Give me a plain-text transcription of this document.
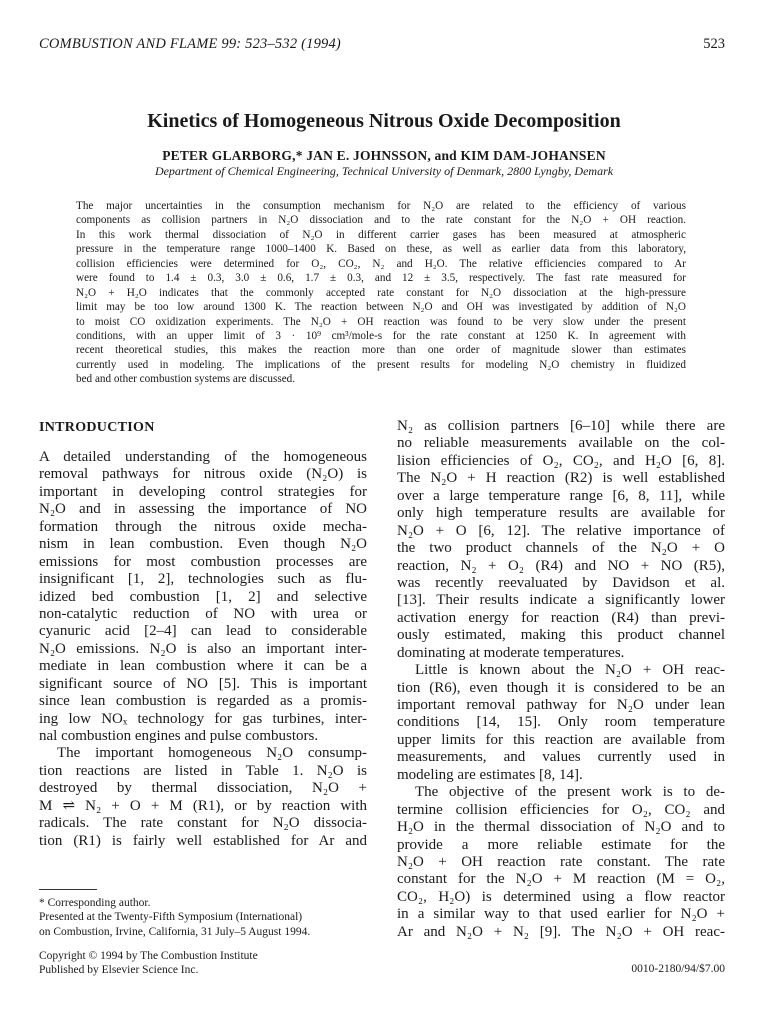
COMBUSTION AND FLAME 99: 523–532 (1994)	523
Kinetics of Homogeneous Nitrous Oxide Decomposition
PETER GLARBORG,* JAN E. JOHNSSON, and KIM DAM-JOHANSEN
Department of Chemical Engineering, Technical University of Denmark, 2800 Lyngby, Demark
The major uncertainties in the consumption mechanism for N₂O are related to the efficiency of various
components as collision partners in N₂O dissociation and to the rate constant for the N₂O + OH reaction.
In this work thermal dissociation of N₂O in different carrier gases has been measured at atmospheric
pressure in the temperature range 1000–1400 K. Based on these, as well as earlier data from this laboratory,
collision efficiencies were determined for O₂, CO₂, N₂ and H₂O. The relative efficiencies compared to Ar
were found to 1.4 ± 0.3, 3.0 ± 0.6, 1.7 ± 0.3, and 12 ± 3.5, respectively. The fast rate measured for
N₂O + H₂O indicates that the commonly accepted rate constant for N₂O dissociation at the high-pressure
limit may be too low around 1300 K. The reaction between N₂O and OH was investigated by addition of N₂O
to moist CO oxidization experiments. The N₂O + OH reaction was found to be very slow under the present
conditions, with an upper limit of 3 · 10⁹ cm³/mole-s for the rate constant at 1250 K. In agreement with
recent theoretical studies, this makes the reaction more than one order of magnitude slower than estimates
currently used in modeling. The implications of the present results for modeling N₂O chemistry in fluidized
bed and other combustion systems are discussed.
INTRODUCTION
A detailed understanding of the homogeneous
removal pathways for nitrous oxide (N₂O) is
important in developing control strategies for
N₂O and in assessing the importance of NO
formation through the nitrous oxide mecha-
nism in lean combustion. Even though N₂O
emissions for most combustion processes are
insignificant [1, 2], technologies such as flu-
idized bed combustion [1, 2] and selective
non-catalytic reduction of NO with urea or
cyanuric acid [2–4] can lead to considerable
N₂O emissions. N₂O is also an important inter-
mediate in lean combustion where it can be a
significant source of NO [5]. This is important
since lean combustion is regarded as a promis-
ing low NOₓ technology for gas turbines, inter-
nal combustion engines and pulse combustors.
The important homogeneous N₂O consump-
tion reactions are listed in Table 1. N₂O is
destroyed by thermal dissociation, N₂O +
M ⇌ N₂ + O + M (R1), or by reaction with
radicals. The rate constant for N₂O dissocia-
tion (R1) is fairly well established for Ar and
N₂ as collision partners [6–10] while there are
no reliable measurements available on the col-
lision efficiencies of O₂, CO₂, and H₂O [6, 8].
The N₂O + H reaction (R2) is well established
over a large temperature range [6, 8, 11], while
only high temperature results are available for
N₂O + O [6, 12]. The relative importance of
the two product channels of the N₂O + O
reaction, N₂ + O₂ (R4) and NO + NO (R5),
was recently reevaluated by Davidson et al.
[13]. Their results indicate a significantly lower
activation energy for reaction (R4) than previ-
ously estimated, making this product channel
dominating at moderate temperatures.
Little is known about the N₂O + OH reac-
tion (R6), even though it is considered to be an
important removal pathway for N₂O under lean
conditions [14, 15]. Only room temperature
upper limits for this reaction are available from
measurements, and values currently used in
modeling are estimates [8, 14].
The objective of the present work is to de-
termine collision efficiencies for O₂, CO₂ and
H₂O in the thermal dissociation of N₂O and to
provide a more reliable estimate for the
N₂O + OH reaction rate constant. The rate
constant for the N₂O + M reaction (M = O₂,
CO₂, H₂O) is determined using a flow reactor
in a similar way to that used earlier for N₂O +
Ar and N₂O + N₂ [9]. The N₂O + OH reac-
* Corresponding author.
Presented at the Twenty-Fifth Symposium (International)
on Combustion, Irvine, California, 31 July–5 August 1994.
Copyright © 1994 by The Combustion Institute
Published by Elsevier Science Inc.	0010-2180/94/$7.00
